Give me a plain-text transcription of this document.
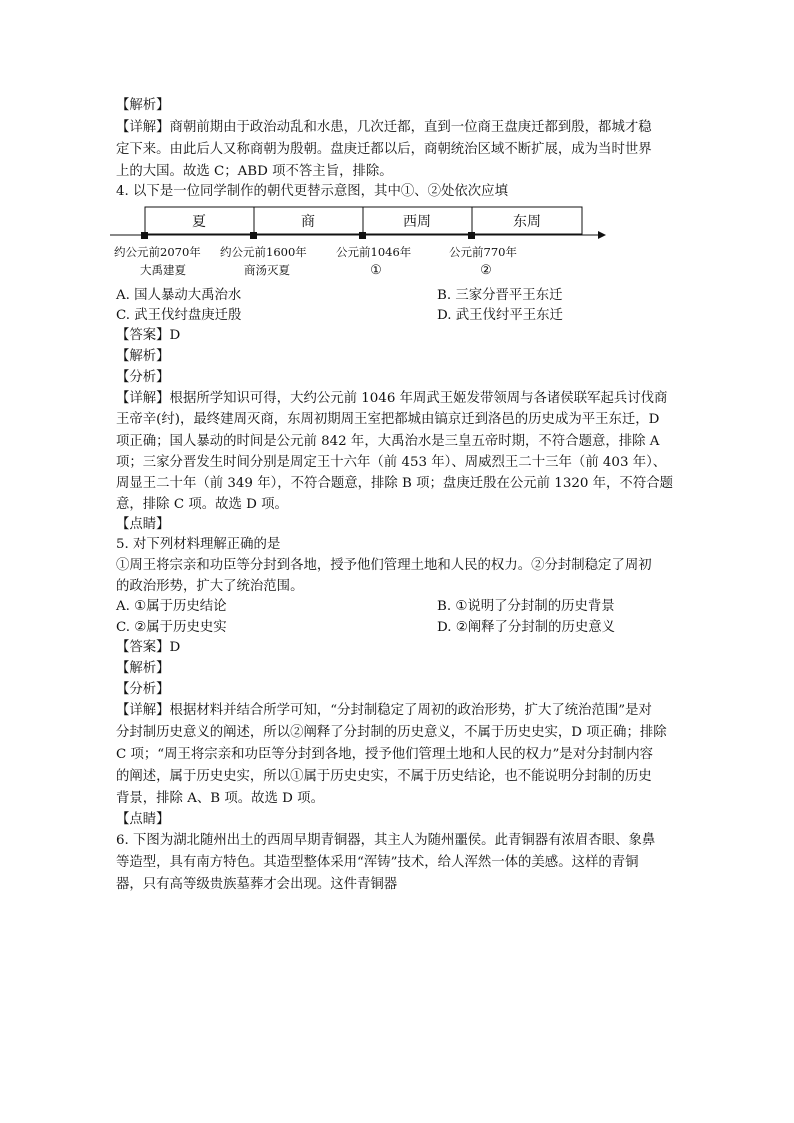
【解析】
【详解】商朝前期由于政治动乱和水患，几次迁都，直到一位商王盘庚迁都到殷，都城才稳
定下来。由此后人又称商朝为殷朝。盘庚迁都以后，商朝统治区域不断扩展，成为当时世界
上的大国。故选 C；ABD 项不答主旨，排除。
4. 以下是一位同学制作的朝代更替示意图，其中①、②处依次应填
夏	商	西周	东周
约公元前2070年 约公元前1600年	公元前1046年	公元前770年
大禹建夏	商汤灭夏	①	②
A. 国人暴动大禹治水	B. 三家分晋平王东迁
C. 武王伐纣盘庚迁殷	D. 武王伐纣平王东迁
【答案】D
【解析】
【分析】
【详解】根据所学知识可得，大约公元前 1046 年周武王姬发带领周与各诸侯联军起兵讨伐商
王帝辛(纣)，最终建周灭商，东周初期周王室把都城由镐京迁到洛邑的历史成为平王东迁，D
项正确；国人暴动的时间是公元前 842 年，大禹治水是三皇五帝时期，不符合题意，排除 A
项；三家分晋发生时间分别是周定王十六年（前 453 年）、周威烈王二十三年（前 403 年）、
周显王二十年（前 349 年），不符合题意，排除 B 项；盘庚迁殷在公元前 1320 年，不符合题
意，排除 C 项。故选 D 项。
【点睛】
5. 对下列材料理解正确的是
①周王将宗亲和功臣等分封到各地，授予他们管理土地和人民的权力。②分封制稳定了周初
的政治形势，扩大了统治范围。
A. ①属于历史结论	B. ①说明了分封制的历史背景
C. ②属于历史史实	D. ②阐释了分封制的历史意义
【答案】D
【解析】
【分析】
【详解】根据材料并结合所学可知，“分封制稳定了周初的政治形势，扩大了统治范围”是对
分封制历史意义的阐述，所以②阐释了分封制的历史意义，不属于历史史实，D 项正确；排除
C 项；“周王将宗亲和功臣等分封到各地，授予他们管理土地和人民的权力”是对分封制内容
的阐述，属于历史史实，所以①属于历史史实，不属于历史结论，也不能说明分封制的历史
背景，排除 A、B 项。故选 D 项。
【点睛】
6. 下图为湖北随州出土的西周早期青铜器，其主人为随州噩侯。此青铜器有浓眉杏眼、象鼻
等造型，具有南方特色。其造型整体采用“浑铸”技术，给人浑然一体的美感。这样的青铜
器，只有高等级贵族墓葬才会出现。这件青铜器
